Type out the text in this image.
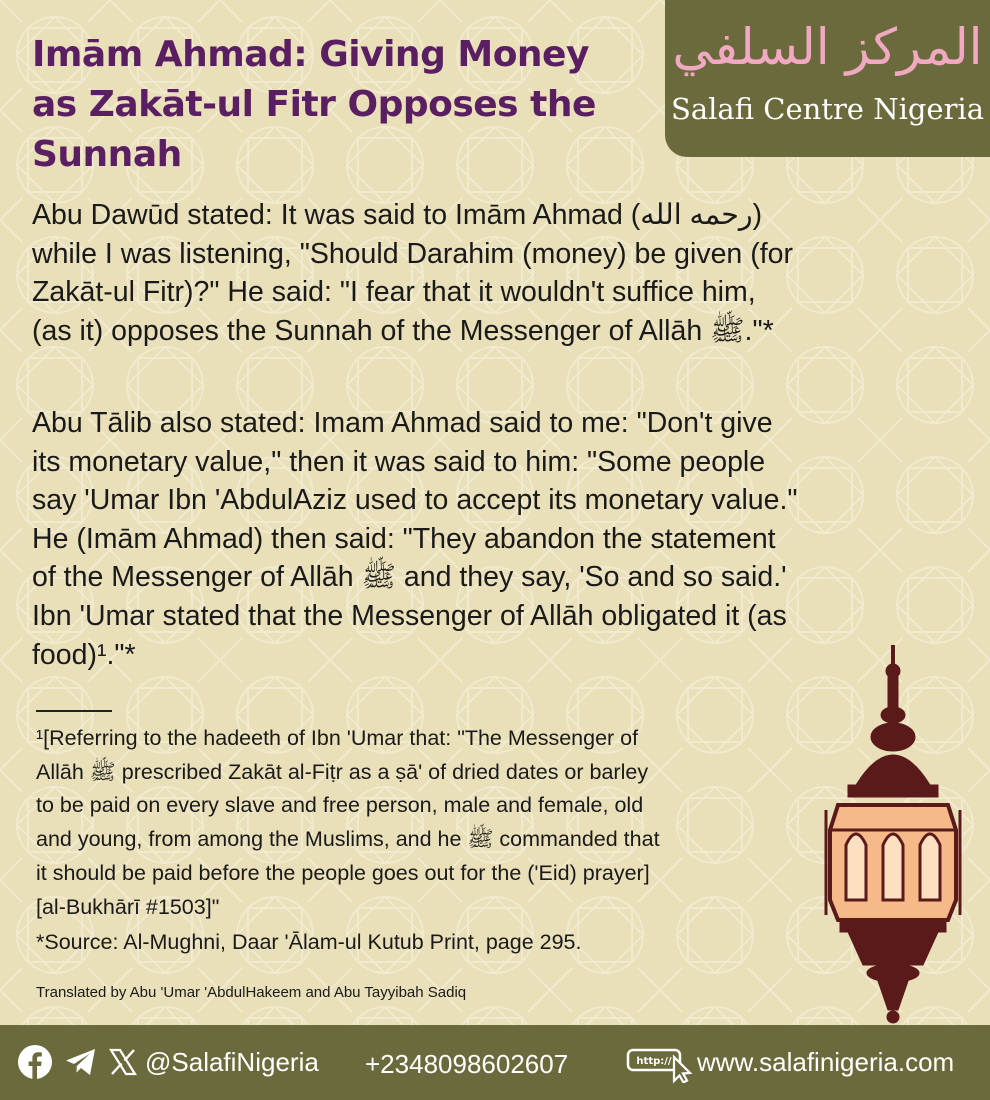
Imām Ahmad: Giving Money
as Zakāt-ul Fitr Opposes the
Sunnah
المركز السلفي
Salafi Centre Nigeria

Abu Dawūd stated: It was said to Imām Ahmad (رحمه الله)
while I was listening, "Should Darahim (money) be given (for
Zakāt-ul Fitr)?" He said: "I fear that it wouldn't suffice him,
(as it) opposes the Sunnah of the Messenger of Allāh ﷺ."*

Abu Tālib also stated: Imam Ahmad said to me: "Don't give
its monetary value," then it was said to him: "Some people
say 'Umar Ibn 'AbdulAziz used to accept its monetary value."
He (Imām Ahmad) then said: "They abandon the statement
of the Messenger of Allāh ﷺ and they say, 'So and so said.'
Ibn 'Umar stated that the Messenger of Allāh obligated it (as
food)¹."*

¹[Referring to the hadeeth of Ibn 'Umar that: "The Messenger of
Allāh ﷺ prescribed Zakāt al-Fiṭr as a ṣā' of dried dates or barley
to be paid on every slave and free person, male and female, old
and young, from among the Muslims, and he ﷺ commanded that
it should be paid before the people goes out for the ('Eid) prayer]
[al-Bukhārī #1503]"

*Source: Al-Mughni, Daar 'Ālam-ul Kutub Print, page 295.

Translated by Abu 'Umar 'AbdulHakeem and Abu Tayyibah Sadiq

@SalafiNigeria +2348098602607	http:// www.salafinigeria.com
